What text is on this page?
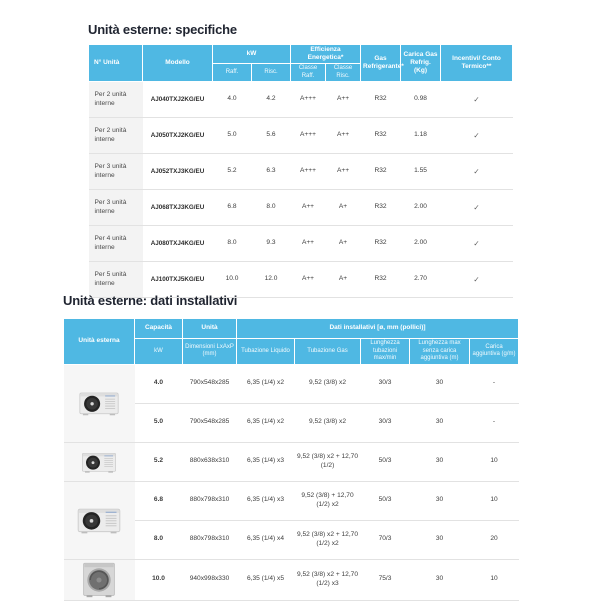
Unità esterne: specifiche
N° Unità	Modello	kW		Efficienza Energetica*		Gas Refrigerante*	Carica Gas Refrig. (Kg)	Incentivi/ Conto Termico**
		Raff.	Risc.	Classe Raff.	Classe Risc.			
Per 2 unità interne	AJ040TXJ2KG/EU	4.0	4.2	A+++	A++	R32	0.98	✓
Per 2 unità interne	AJ050TXJ2KG/EU	5.0	5.6	A+++	A++	R32	1.18	✓
Per 3 unità interne	AJ052TXJ3KG/EU	5.2	6.3	A+++	A++	R32	1.55	✓
Per 3 unità interne	AJ068TXJ3KG/EU	6.8	8.0	A++	A+	R32	2.00	✓
Per 4 unità interne	AJ080TXJ4KG/EU	8.0	9.3	A++	A+	R32	2.00	✓
Per 5 unità interne	AJ100TXJ5KG/EU	10.0	12.0	A++	A+	R32	2.70	✓
Unità esterne: dati installativi
Unità esterna	Capacità	Unità	Dati installativi [ø, mm (pollici)]				
	kW	Dimensioni LxAxP (mm)	Tubazione Liquido	Tubazione Gas	Lunghezza tubazioni max/min	Lunghezza max senza carica aggiuntiva (m)	Carica aggiuntiva (g/m)
	4.0	790x548x285	6,35 (1/4) x2	9,52 (3/8) x2	30/3	30	-
	5.0	790x548x285	6,35 (1/4) x2	9,52 (3/8) x2	30/3	30	-
	5.2	880x638x310	6,35 (1/4) x3	9,52 (3/8) x2 + 12,70 (1/2)	50/3	30	10
	6.8	880x798x310	6,35 (1/4) x3	9,52 (3/8) + 12,70 (1/2) x2	50/3	30	10
	8.0	880x798x310	6,35 (1/4) x4	9,52 (3/8) x2 + 12,70 (1/2) x2	70/3	30	20
	10.0	940x998x330	6,35 (1/4) x5	9,52 (3/8) x2 + 12,70 (1/2) x3	75/3	30	10
